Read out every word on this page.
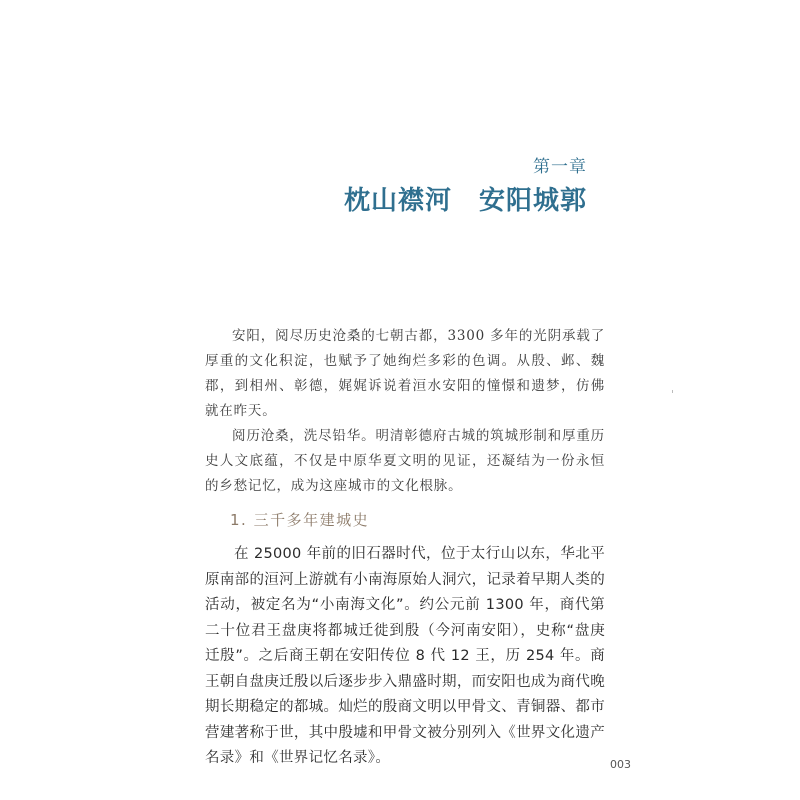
第一章
枕山襟河　安阳城郭

安阳，阅尽历史沧桑的七朝古都，3300 多年的光阴承载了厚重的文化积淀，也赋予了她绚烂多彩的色调。从殷、邺、魏郡，到相州、彰德，娓娓诉说着洹水安阳的憧憬和遗梦，仿佛就在昨天。

阅历沧桑，洗尽铅华。明清彰德府古城的筑城形制和厚重历史人文底蕴，不仅是中原华夏文明的见证，还凝结为一份永恒的乡愁记忆，成为这座城市的文化根脉。

1. 三千多年建城史

在 25000 年前的旧石器时代，位于太行山以东，华北平原南部的洹河上游就有小南海原始人洞穴，记录着早期人类的活动，被定名为“小南海文化”。约公元前 1300 年，商代第二十位君王盘庚将都城迁徙到殷（今河南安阳），史称“盘庚迁殷”。之后商王朝在安阳传位 8 代 12 王，历 254 年。商王朝自盘庚迁殷以后逐步步入鼎盛时期，而安阳也成为商代晚期长期稳定的都城。灿烂的殷商文明以甲骨文、青铜器、都市营建著称于世，其中殷墟和甲骨文被分别列入《世界文化遗产名录》和《世界记忆名录》。	003
